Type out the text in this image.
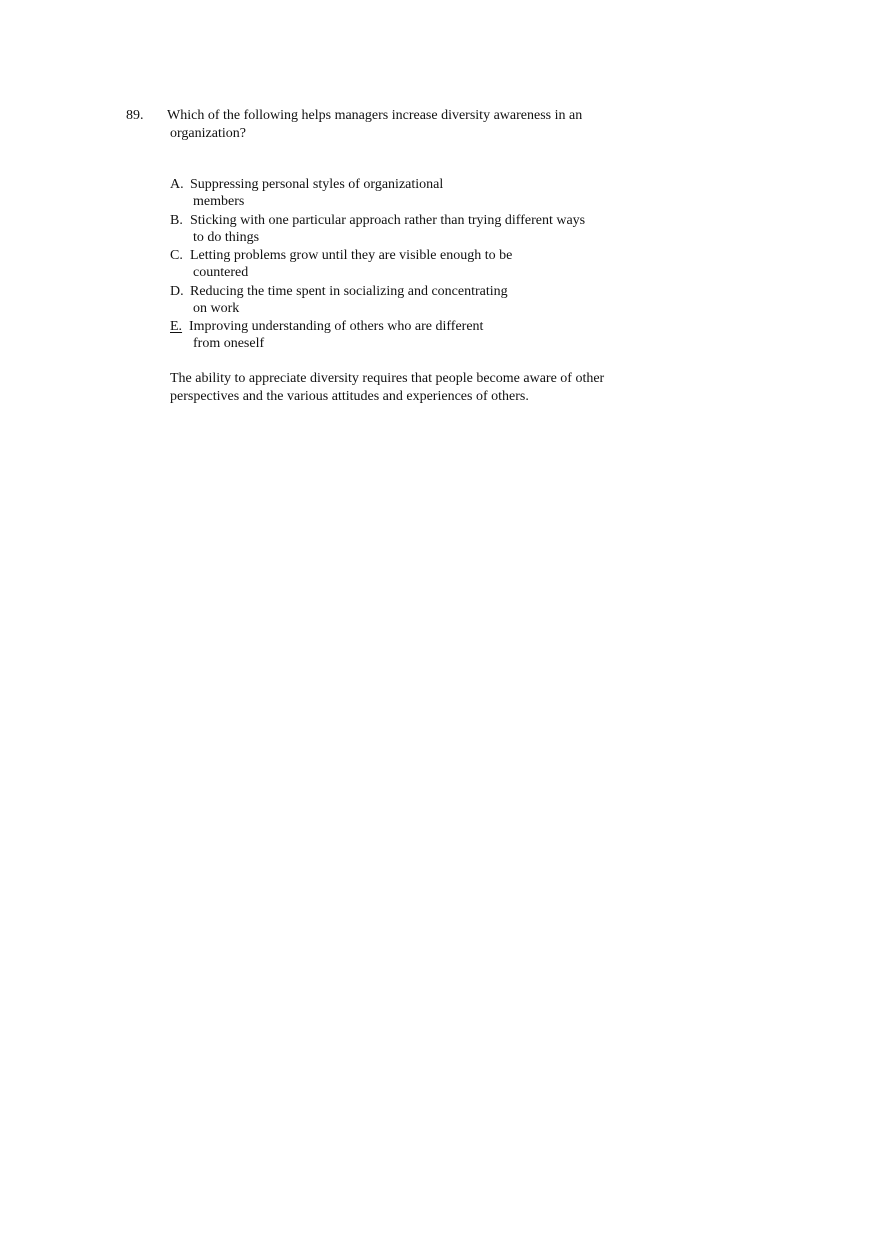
89. Which of the following helps managers increase diversity awareness in an
organization?
A. Suppressing personal styles of organizational
members
B. Sticking with one particular approach rather than trying different ways
to do things
C. Letting problems grow until they are visible enough to be
countered
D. Reducing the time spent in socializing and concentrating
on work
E. Improving understanding of others who are different
from oneself
The ability to appreciate diversity requires that people become aware of other
perspectives and the various attitudes and experiences of others.
